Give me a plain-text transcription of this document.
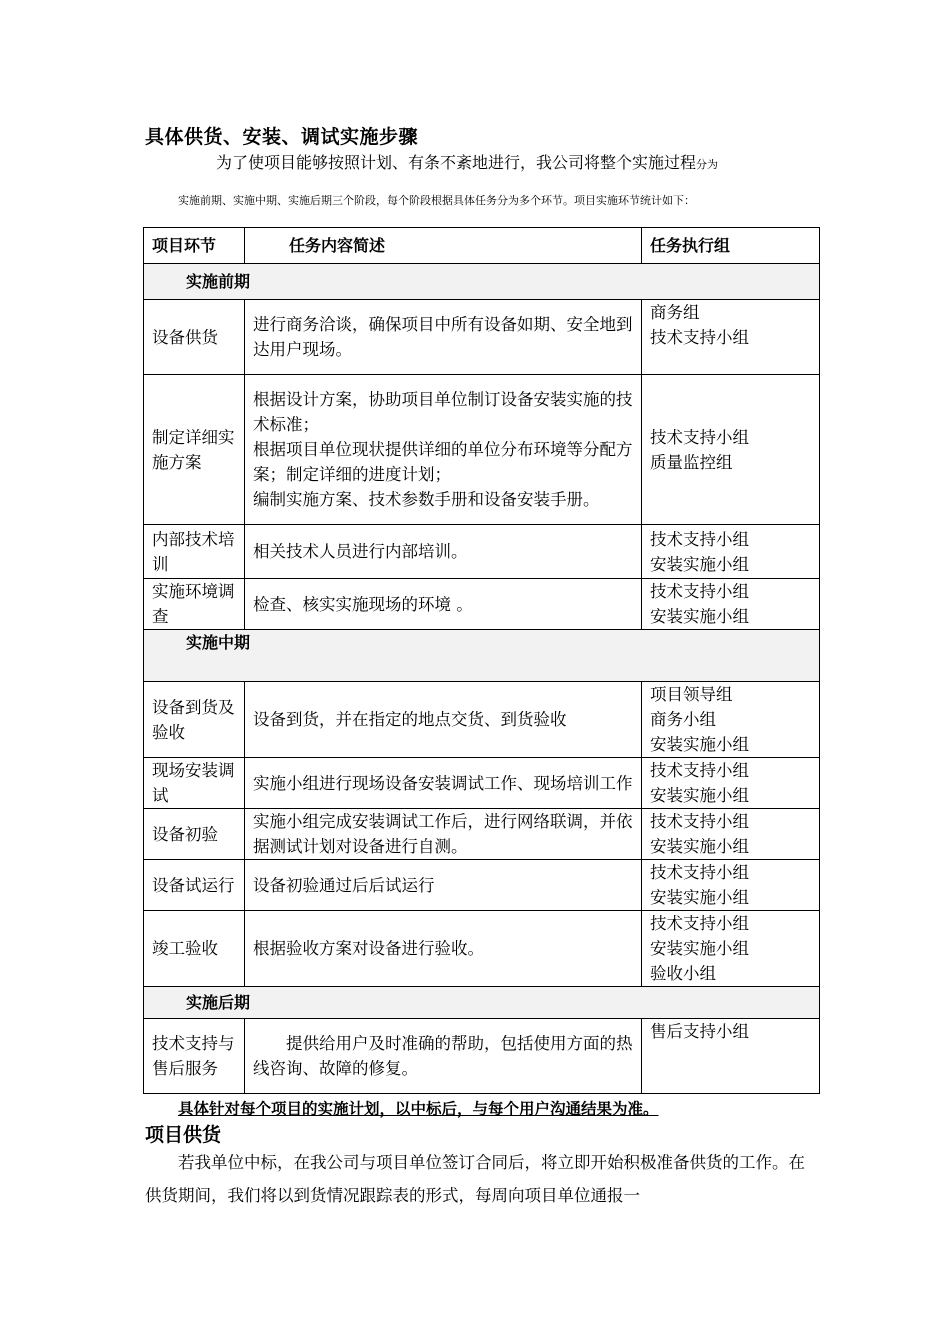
具体供货、安装、调试实施步骤
为了使项目能够按照计划、有条不紊地进行，我公司将整个实施过程分为
实施前期、实施中期、实施后期三个阶段，每个阶段根据具体任务分为多个环节。项目实施环节统计如下：
项目环节	任务内容简述	任务执行组
实施前期		
设备供货	进行商务洽谈，确保项目中所有设备如期、安全地到达用户现场。	商务组
技术支持小组
制定详细实施方案	根据设计方案，协助项目单位制订设备安装实施的技术标准；
根据项目单位现状提供详细的单位分布环境等分配方案；制定详细的进度计划；
编制实施方案、技术参数手册和设备安装手册。	技术支持小组
质量监控组
内部技术培训	相关技术人员进行内部培训。	技术支持小组
安装实施小组
实施环境调查	检查、核实实施现场的环境 。	技术支持小组
安装实施小组
实施中期		
设备到货及验收	设备到货，并在指定的地点交货、到货验收	项目领导组
商务小组
安装实施小组
现场安装调试	实施小组进行现场设备安装调试工作、现场培训工作	技术支持小组
安装实施小组
设备初验	实施小组完成安装调试工作后，进行网络联调，并依据测试计划对设备进行自测。	技术支持小组
安装实施小组
设备试运行	设备初验通过后后试运行	技术支持小组
安装实施小组
竣工验收	根据验收方案对设备进行验收。	技术支持小组
安装实施小组
验收小组
实施后期		
技术支持与售后服务	提供给用户及时准确的帮助，包括使用方面的热线咨询、故障的修复。	售后支持小组
具体针对每个项目的实施计划，以中标后，与每个用户沟通结果为准。
项目供货
若我单位中标，在我公司与项目单位签订合同后，将立即开始积极准备供货的工作。在供货期间，我们将以到货情况跟踪表的形式，每周向项目单位通报一
